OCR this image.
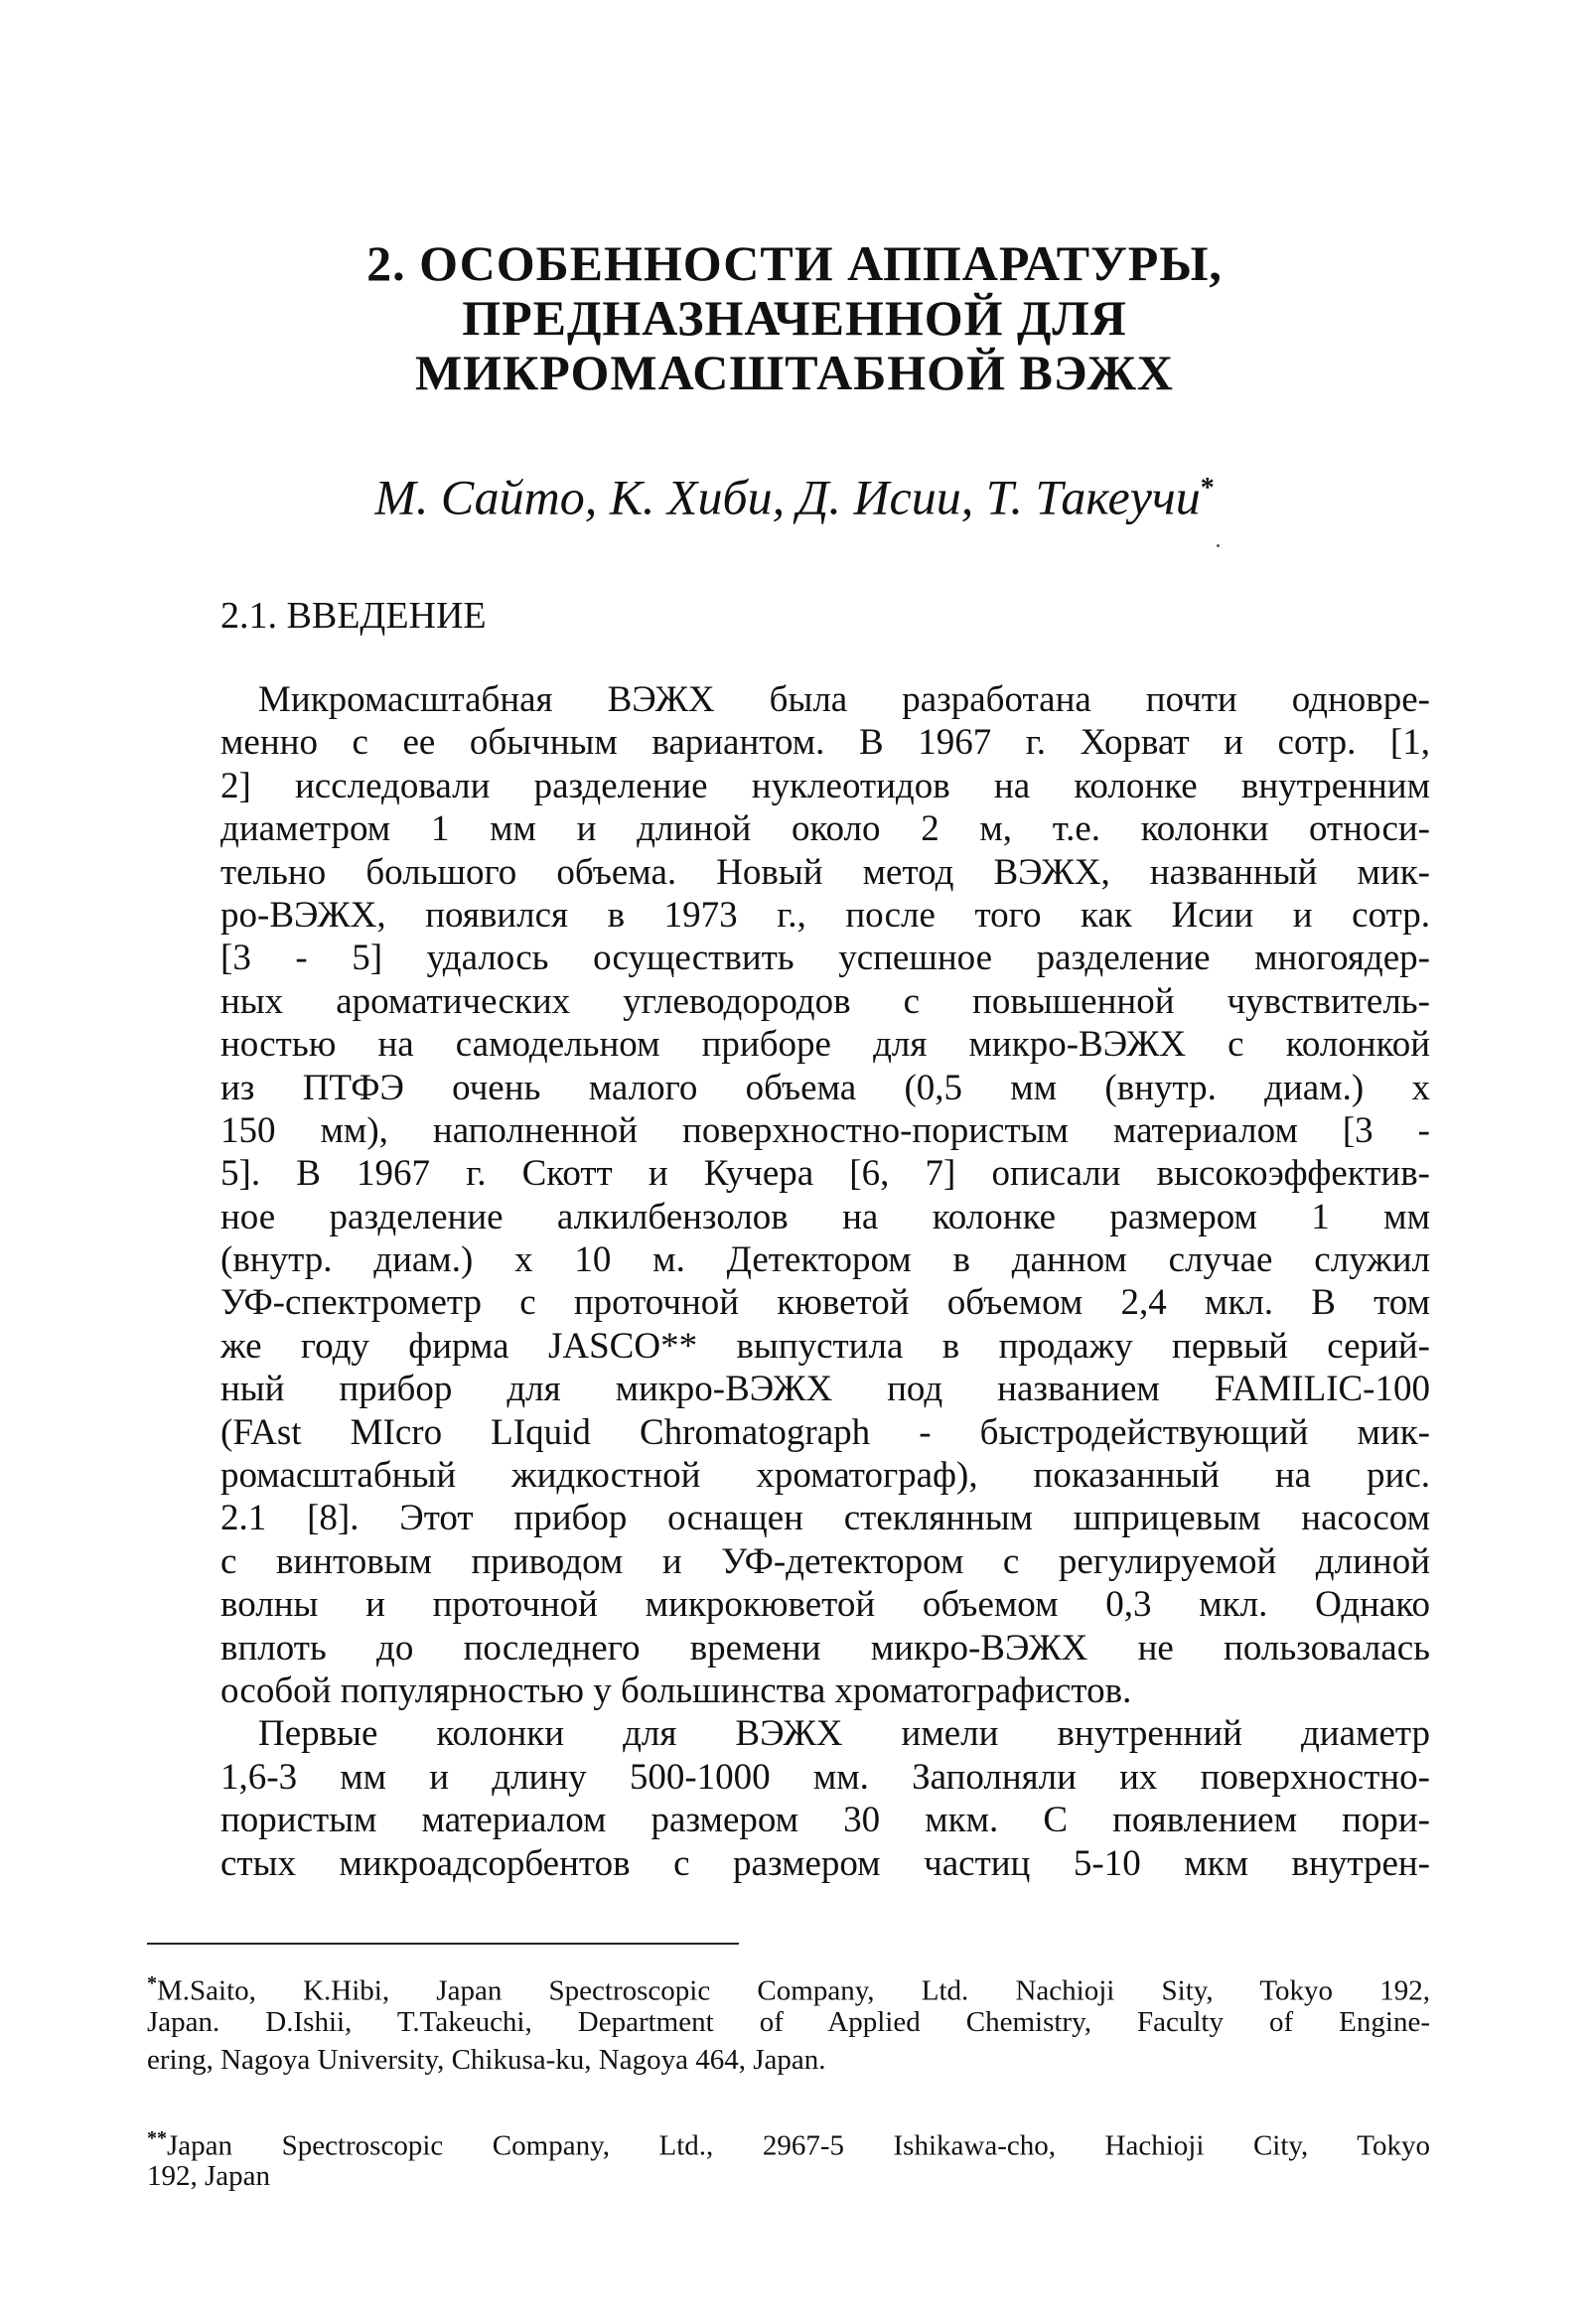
2. ОСОБЕННОСТИ АППАРАТУРЫ,
ПРЕДНАЗНАЧЕННОЙ ДЛЯ
МИКРОМАСШТАБНОЙ ВЭЖХ
М. Сайто, К. Хиби, Д. Исии, Т. Такеучи*
2.1. ВВЕДЕНИЕ
Микромасштабная ВЭЖХ была разработана почти одновре-
менно с ее обычным вариантом. В 1967 г. Хорват и сотр. [1,
2] исследовали разделение нуклеотидов на колонке внутренним
диаметром 1 мм и длиной около 2 м, т.е. колонки относи-
тельно большого объема. Новый метод ВЭЖХ, названный мик-
ро-ВЭЖХ, появился в 1973 г., после того как Исии и сотр.
[3 - 5] удалось осуществить успешное разделение многоядер-
ных ароматических углеводородов с повышенной чувствитель-
ностью на самодельном приборе для микро-ВЭЖХ с колонкой
из ПТФЭ очень малого объема (0,5 мм (внутр. диам.) х
150 мм), наполненной поверхностно-пористым материалом [3 -
5]. В 1967 г. Скотт и Кучера [6, 7] описали высокоэффектив-
ное разделение алкилбензолов на колонке размером 1 мм
(внутр. диам.) х 10 м. Детектором в данном случае служил
УФ-спектрометр с проточной кюветой объемом 2,4 мкл. В том
же году фирма JASCO** выпустила в продажу первый серий-
ный прибор для микро-ВЭЖХ под названием FAMILIC-100
(FAst MIcro LIquid Chromatograph - быстродействующий мик-
ромасштабный жидкостной хроматограф), показанный на рис.
2.1 [8]. Этот прибор оснащен стеклянным шприцевым насосом
с винтовым приводом и УФ-детектором с регулируемой длиной
волны и проточной микрокюветой объемом 0,3 мкл. Однако
вплоть до последнего времени микро-ВЭЖХ не пользовалась
особой популярностью у большинства хроматографистов.
Первые колонки для ВЭЖХ имели внутренний диаметр
1,6-3 мм и длину 500-1000 мм. Заполняли их поверхностно-
пористым материалом размером 30 мкм. С появлением пори-
стых микроадсорбентов с размером частиц 5-10 мкм внутрен-
*M.Saito, K.Hibi, Japan Spectroscopic Company, Ltd. Nachioji Sity, Tokyo 192,
Japan. D.Ishii, T.Takeuchi, Department of Applied Chemistry, Faculty of Engine-
ering, Nagoya University, Chikusa-ku, Nagoya 464, Japan.
**Japan Spectroscopic Company, Ltd., 2967-5 Ishikawa-cho, Hachioji City, Tokyo
192, Japan
